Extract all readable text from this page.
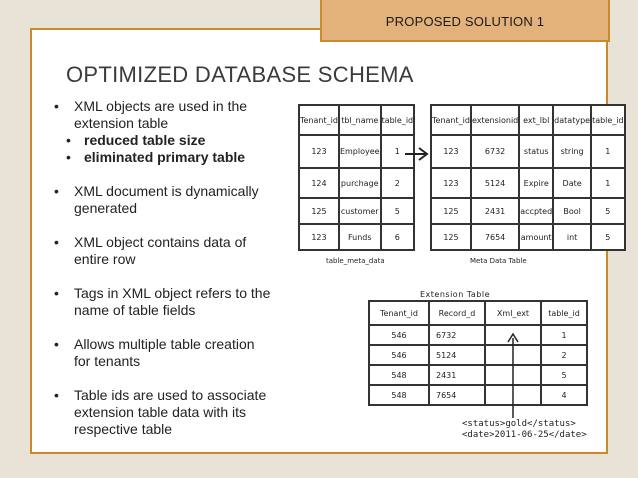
PROPOSED SOLUTION 1
OPTIMIZED DATABASE SCHEMA
• XML objects are used in the
extension table
• reduced table size
• eliminated primary table
• XML document is dynamically
generated
• XML object contains data of
entire row
• Tags in XML object refers to the
name of table fields
• Allows multiple table creation
for tenants
• Table ids are used to associate
extension table data with its
respective table
Tenant_id	tbl_name	table_id
123	Employee	1
124	purchage	2
125	customer	5
123	Funds	6
table_meta_data
Tenant_id	extensionid	ext_lbl	datatype	table_id
123	6732	status	string	1
123	5124	Expire	Date	1
125	2431	accpted	Bool	5
125	7654	amount	int	5
Meta Data Table
Extension Table
Tenant_id	Record_d	Xml_ext	table_id
546	6732		1
546	5124		2
548	2431		5
548	7654		4
<status>gold</status>
<date>2011-06-25</date>
